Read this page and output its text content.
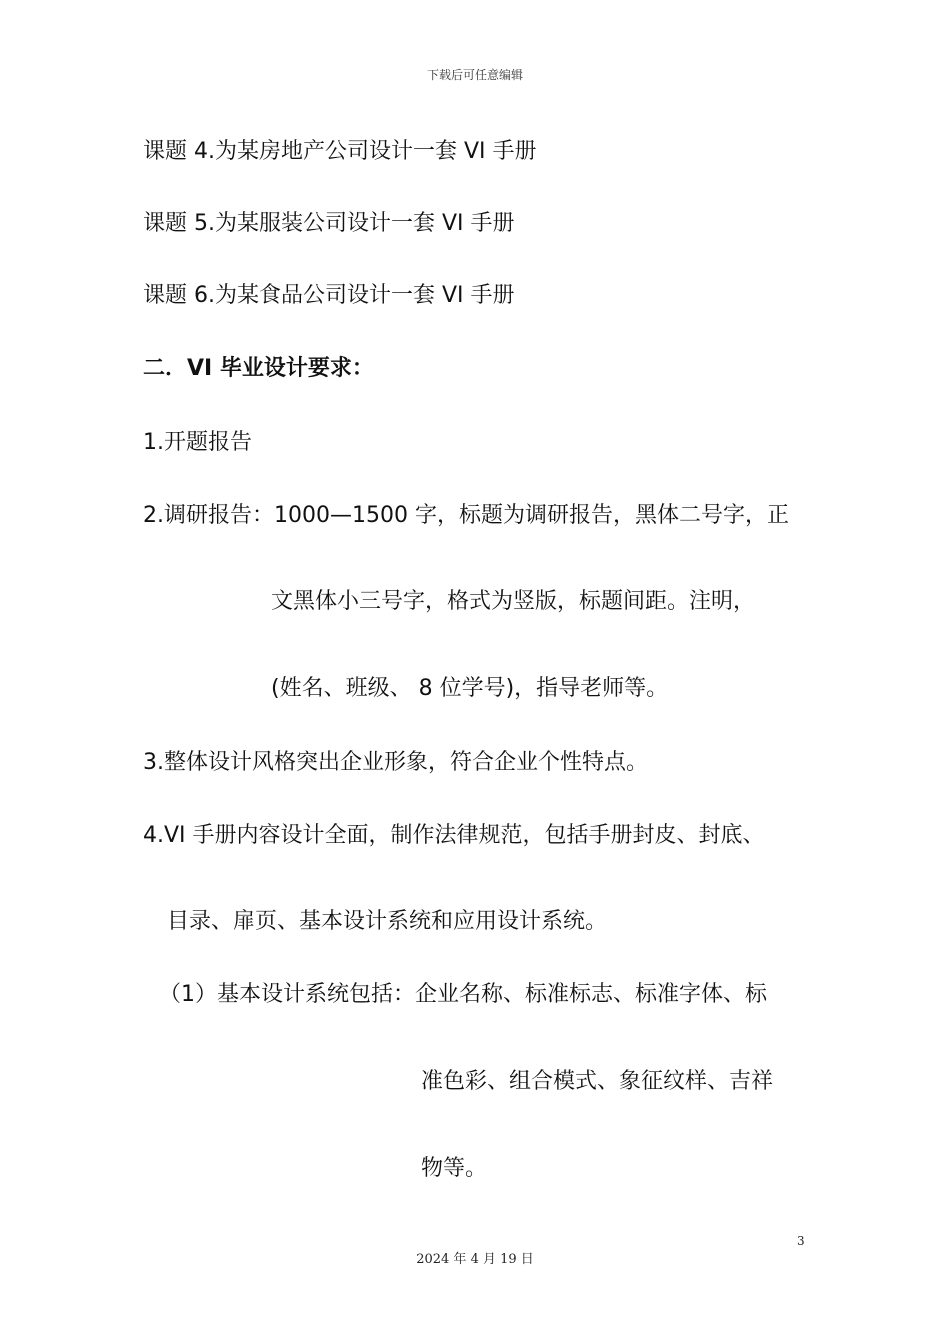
下载后可任意编辑
课题 4.为某房地产公司设计一套 VI 手册
课题 5.为某服装公司设计一套 VI 手册
课题 6.为某食品公司设计一套 VI 手册
二．VI 毕业设计要求：
1.开题报告
2.调研报告：1000—1500 字，标题为调研报告，黑体二号字，正
文黑体小三号字，格式为竖版，标题间距。注明，
(姓名、班级、 8 位学号)，指导老师等。
3.整体设计风格突出企业形象，符合企业个性特点。
4.VI 手册内容设计全面，制作法律规范，包括手册封皮、封底、
目录、扉页、基本设计系统和应用设计系统。
（1）基本设计系统包括：企业名称、标准标志、标准字体、标
准色彩、组合模式、象征纹样、吉祥
物等。
3
2024 年 4 月 19 日
